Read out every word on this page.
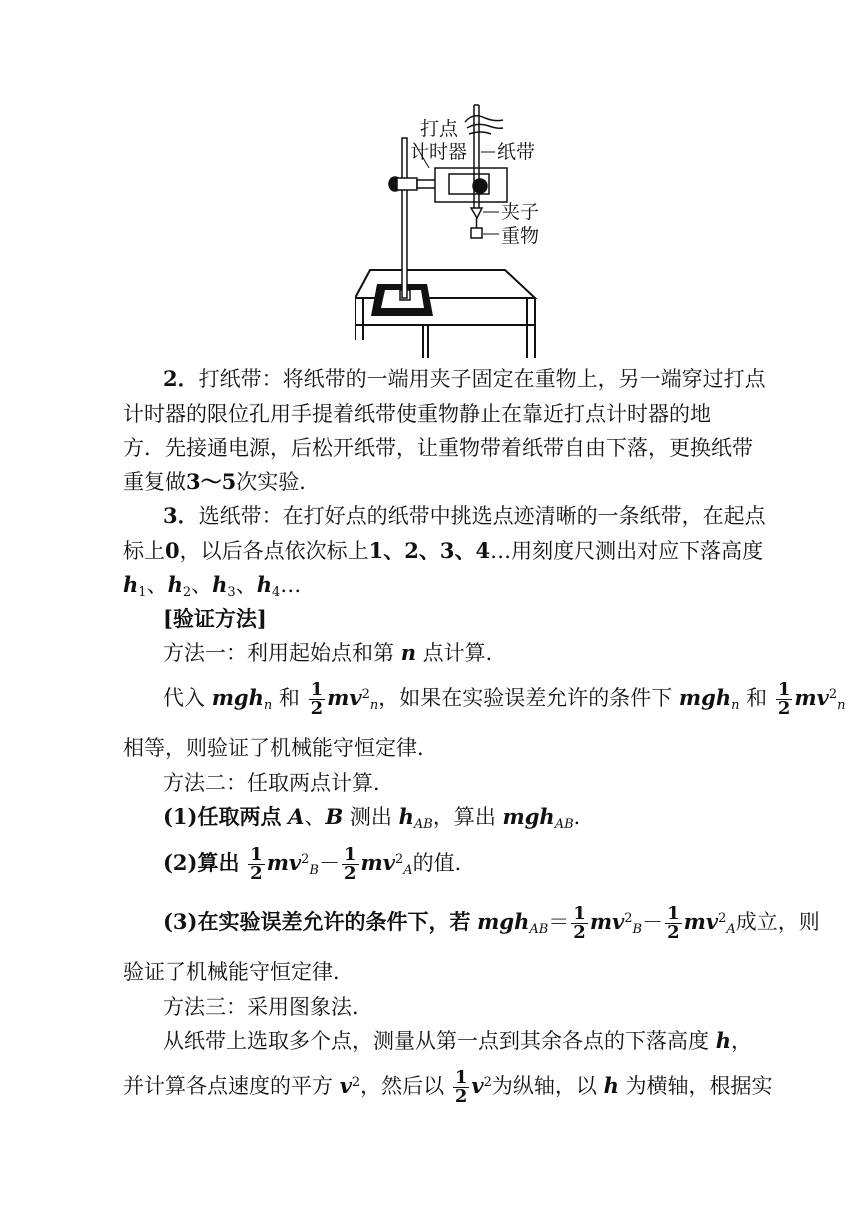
打点
计时器 纸带
夹子
重物
2．打纸带：将纸带的一端用夹子固定在重物上，另一端穿过打点
计时器的限位孔用手提着纸带使重物静止在靠近打点计时器的地
方．先接通电源，后松开纸带，让重物带着纸带自由下落，更换纸带
重复做3～5次实验．
3．选纸带：在打好点的纸带中挑选点迹清晰的一条纸带，在起点
标上0，以后各点依次标上1、2、3、4…用刻度尺测出对应下落高度
$h_1$、$h_2$、$h_3$、$h_4\dots$
[验证方法]
方法一：利用起始点和第 n 点计算．
代入 mgh$_n$ 和 $\frac{1}{2} mv^2_n$，如果在实验误差允许的条件下 mgh$_n$ 和 $\frac{1}{2} mv^2_n$
相等，则验证了机械能守恒定律．
方法二：任取两点计算．
(1)任取两点 A、B 测出 $h_{AB}$，算出 mgh$_{AB}$．
(2)算出 $\frac{1}{2} mv^2_B- \frac{1}{2} mv^2_A$的值．
(3)在实验误差允许的条件下，若 $mgh_{AB}= \frac{1}{2} mv^2_B- \frac{1}{2} mv^2_A$成立，则
验证了机械能守恒定律．
方法三：采用图象法．
从纸带上选取多个点，测量从第一点到其余各点的下落高度 h，
并计算各点速度的平方 $v^2$，然后以 $\frac{1}{2} v^2$为纵轴，以 h 为横轴，根据实
